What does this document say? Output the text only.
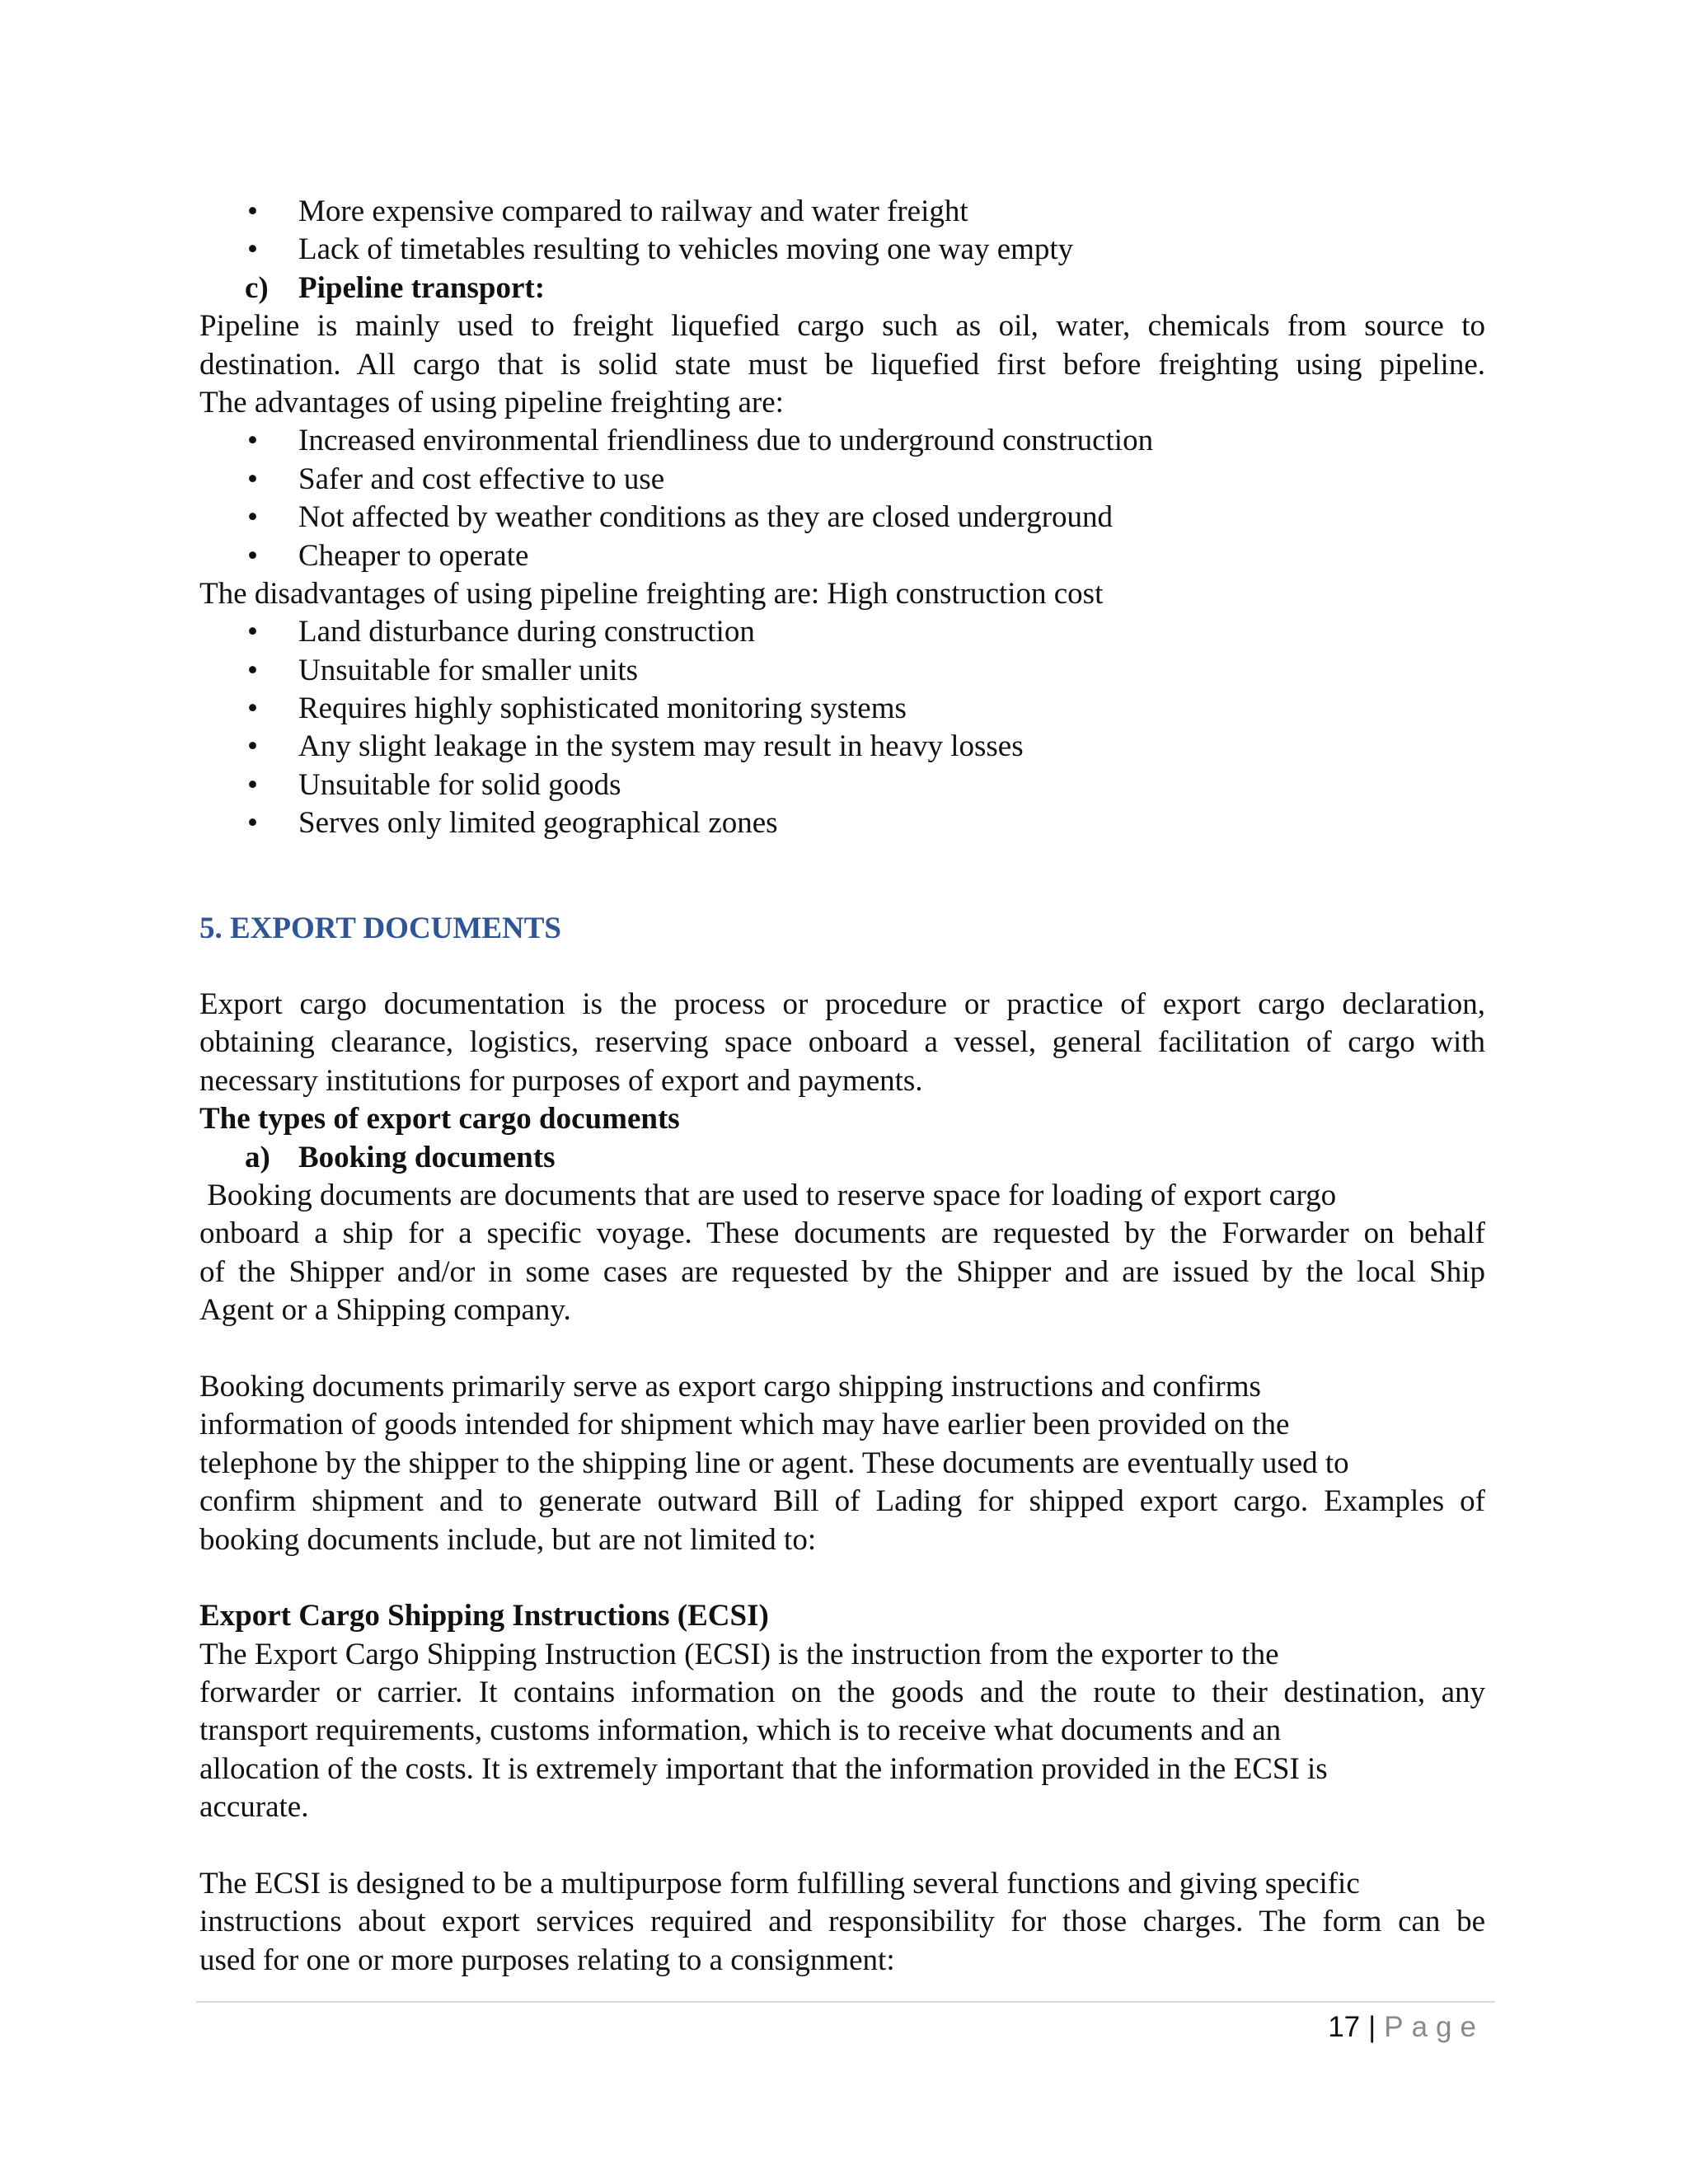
• More expensive compared to railway and water freight
• Lack of timetables resulting to vehicles moving one way empty
c) Pipeline transport:
Pipeline is mainly used to freight liquefied cargo such as oil, water, chemicals from source to
destination. All cargo that is solid state must be liquefied first before freighting using pipeline.
The advantages of using pipeline freighting are:
• Increased environmental friendliness due to underground construction
• Safer and cost effective to use
• Not affected by weather conditions as they are closed underground
• Cheaper to operate
The disadvantages of using pipeline freighting are: High construction cost
• Land disturbance during construction
• Unsuitable for smaller units
• Requires highly sophisticated monitoring systems
• Any slight leakage in the system may result in heavy losses
• Unsuitable for solid goods
• Serves only limited geographical zones
5. EXPORT DOCUMENTS
Export cargo documentation is the process or procedure or practice of export cargo declaration,
obtaining clearance, logistics, reserving space onboard a vessel, general facilitation of cargo with
necessary institutions for purposes of export and payments.
The types of export cargo documents
a) Booking documents
Booking documents are documents that are used to reserve space for loading of export cargo
onboard a ship for a specific voyage. These documents are requested by the Forwarder on behalf
of the Shipper and/or in some cases are requested by the Shipper and are issued by the local Ship
Agent or a Shipping company.
Booking documents primarily serve as export cargo shipping instructions and confirms
information of goods intended for shipment which may have earlier been provided on the
telephone by the shipper to the shipping line or agent. These documents are eventually used to
confirm shipment and to generate outward Bill of Lading for shipped export cargo. Examples of
booking documents include, but are not limited to:
Export Cargo Shipping Instructions (ECSI)
The Export Cargo Shipping Instruction (ECSI) is the instruction from the exporter to the
forwarder or carrier. It contains information on the goods and the route to their destination, any
transport requirements, customs information, which is to receive what documents and an
allocation of the costs. It is extremely important that the information provided in the ECSI is
accurate.
The ECSI is designed to be a multipurpose form fulfilling several functions and giving specific
instructions about export services required and responsibility for those charges. The form can be
used for one or more purposes relating to a consignment:
17 | Page
